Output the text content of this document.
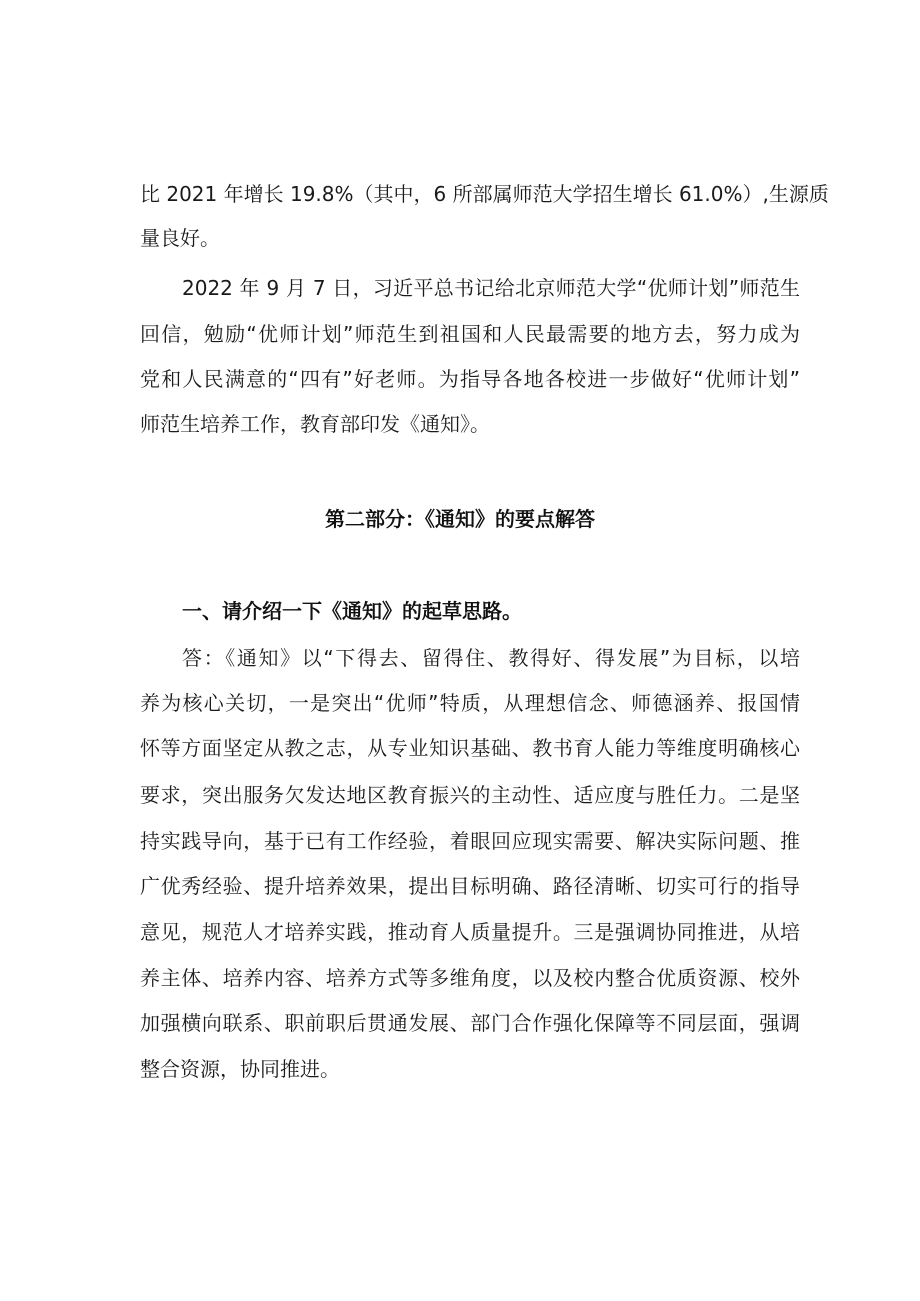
比 2021 年增长 19.8%（其中，6 所部属师范大学招生增长 61.0%）,生源质
量良好。
2022 年 9 月 7 日，习近平总书记给北京师范大学“优师计划”师范生
回信，勉励“优师计划”师范生到祖国和人民最需要的地方去，努力成为
党和人民满意的“四有”好老师。为指导各地各校进一步做好“优师计划”
师范生培养工作，教育部印发《通知》。
第二部分：《通知》的要点解答
一、请介绍一下《通知》的起草思路。
答：《通知》以“下得去、留得住、教得好、得发展”为目标，以培
养为核心关切，一是突出“优师”特质，从理想信念、师德涵养、报国情
怀等方面坚定从教之志，从专业知识基础、教书育人能力等维度明确核心
要求，突出服务欠发达地区教育振兴的主动性、适应度与胜任力。二是坚
持实践导向，基于已有工作经验，着眼回应现实需要、解决实际问题、推
广优秀经验、提升培养效果，提出目标明确、路径清晰、切实可行的指导
意见，规范人才培养实践，推动育人质量提升。三是强调协同推进，从培
养主体、培养内容、培养方式等多维角度，以及校内整合优质资源、校外
加强横向联系、职前职后贯通发展、部门合作强化保障等不同层面，强调
整合资源，协同推进。
